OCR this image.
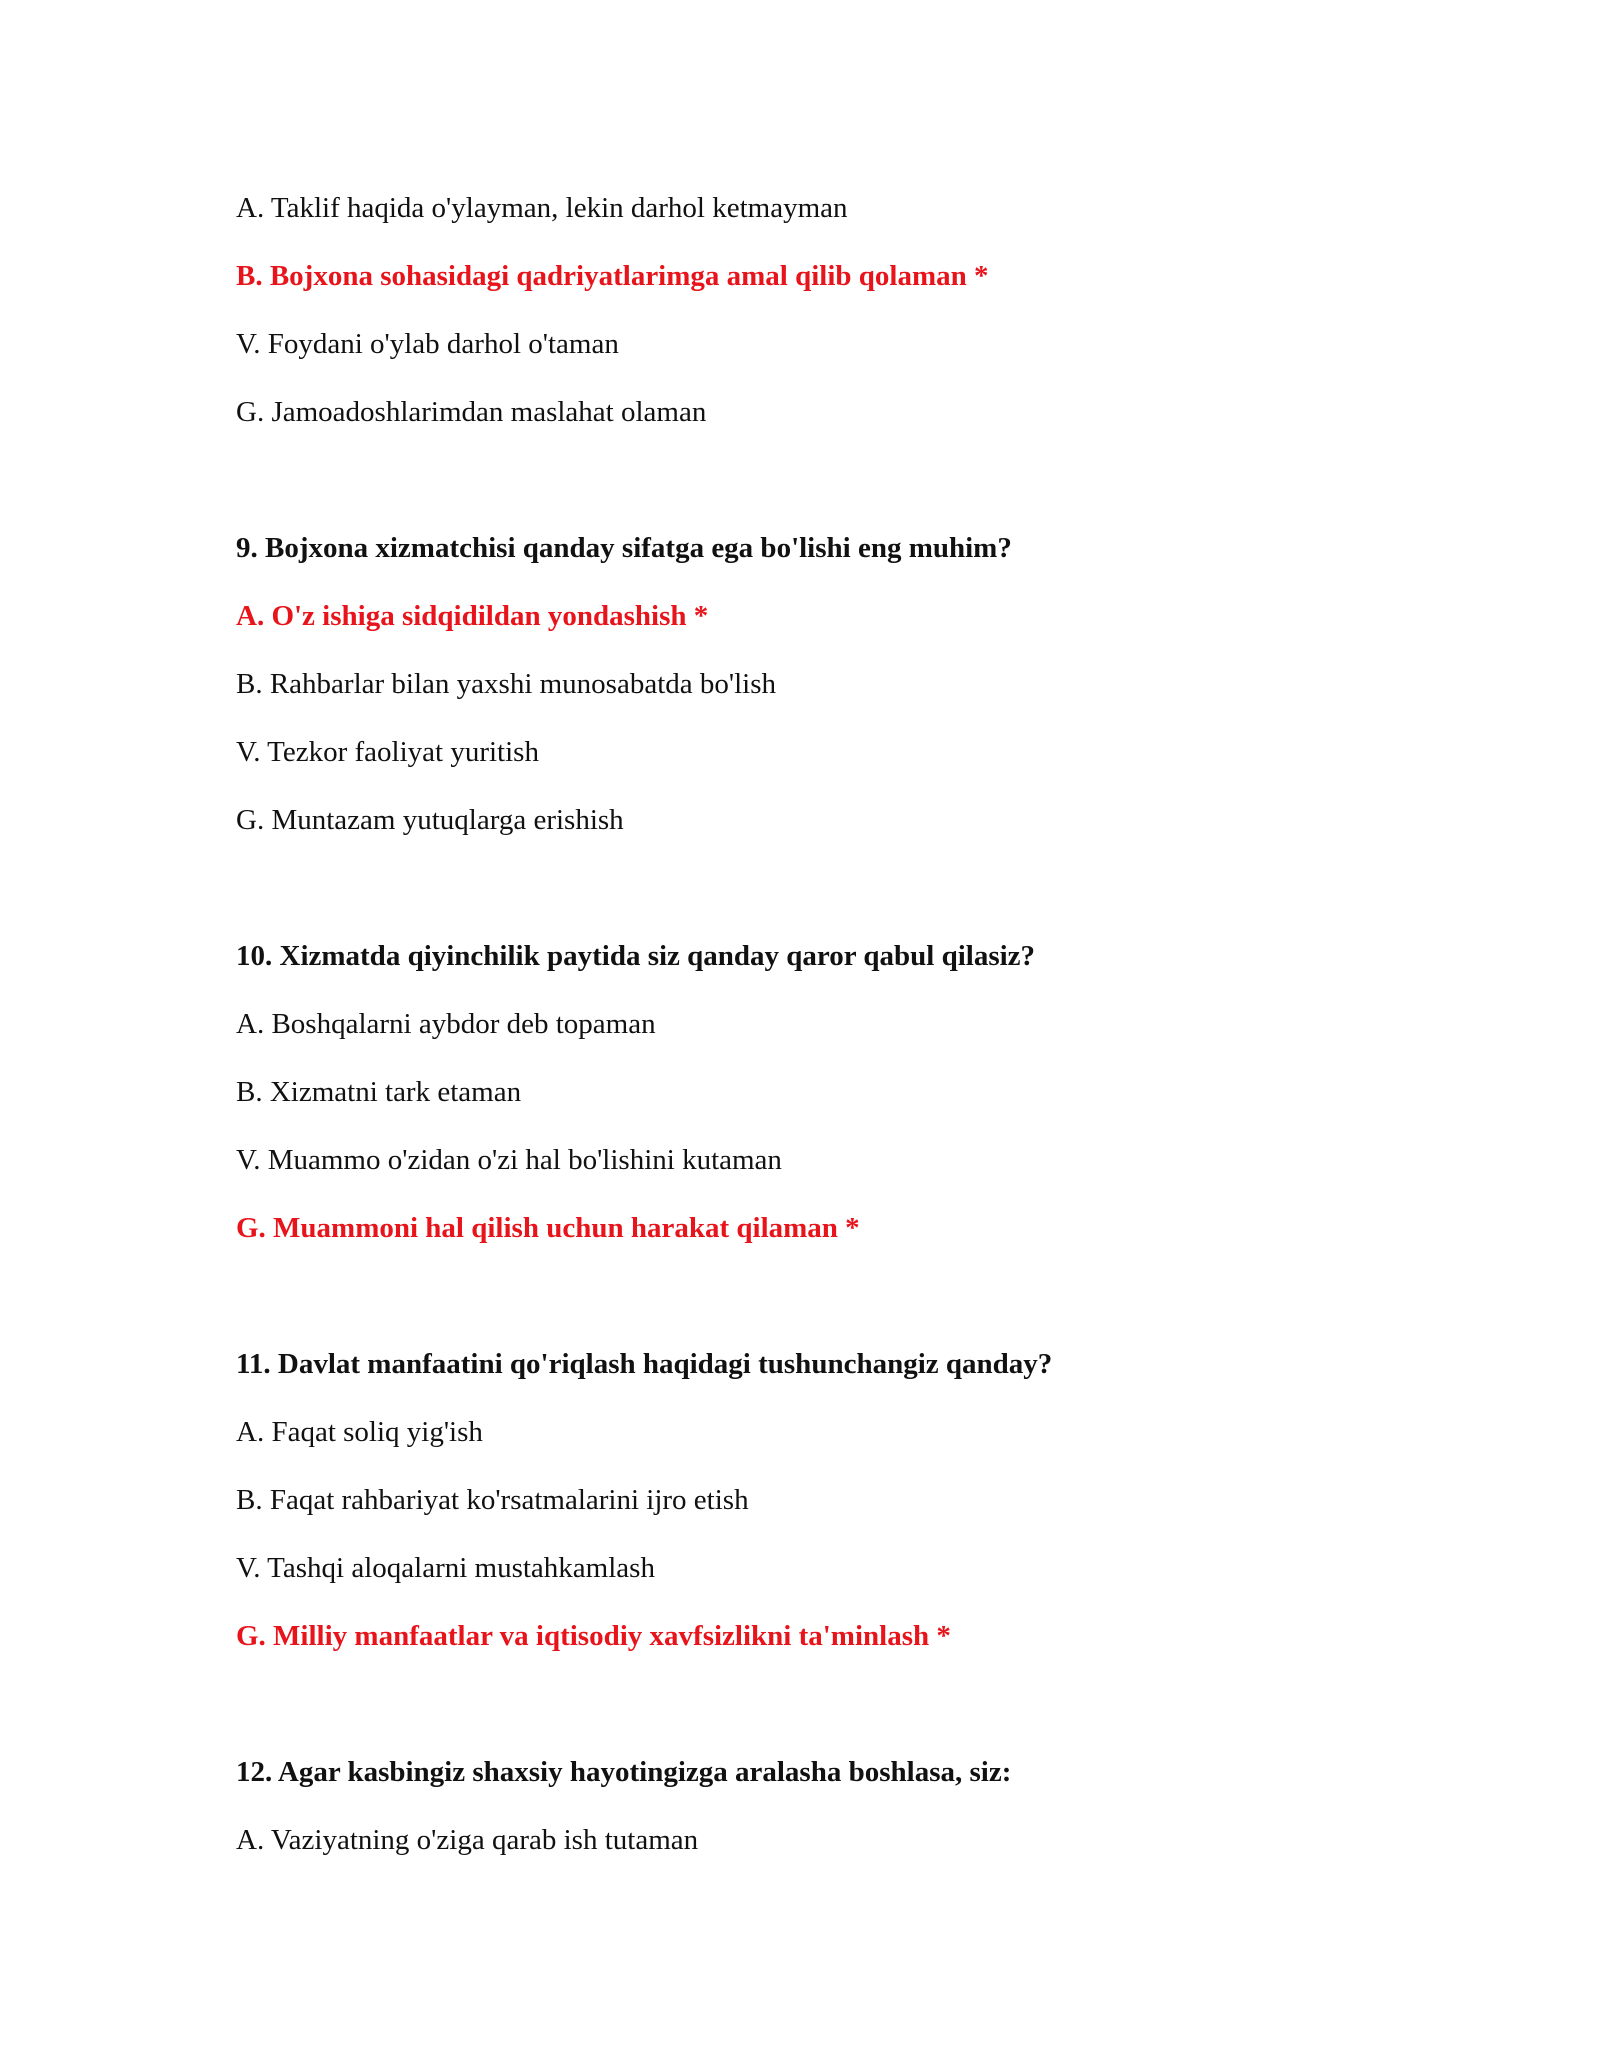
A. Taklif haqida o'ylayman, lekin darhol ketmayman
B. Bojxona sohasidagi qadriyatlarimga amal qilib qolaman *
V. Foydani o'ylab darhol o'taman
G. Jamoadoshlarimdan maslahat olaman
9. Bojxona xizmatchisi qanday sifatga ega bo'lishi eng muhim?
A. O'z ishiga sidqidildan yondashish *
B. Rahbarlar bilan yaxshi munosabatda bo'lish
V. Tezkor faoliyat yuritish
G. Muntazam yutuqlarga erishish
10. Xizmatda qiyinchilik paytida siz qanday qaror qabul qilasiz?
A. Boshqalarni aybdor deb topaman
B. Xizmatni tark etaman
V. Muammo o'zidan o'zi hal bo'lishini kutaman
G. Muammoni hal qilish uchun harakat qilaman *
11. Davlat manfaatini qo'riqlash haqidagi tushunchangiz qanday?
A. Faqat soliq yig'ish
B. Faqat rahbariyat ko'rsatmalarini ijro etish
V. Tashqi aloqalarni mustahkamlash
G. Milliy manfaatlar va iqtisodiy xavfsizlikni ta'minlash *
12. Agar kasbingiz shaxsiy hayotingizga aralasha boshlasa, siz:
A. Vaziyatning o'ziga qarab ish tutaman
